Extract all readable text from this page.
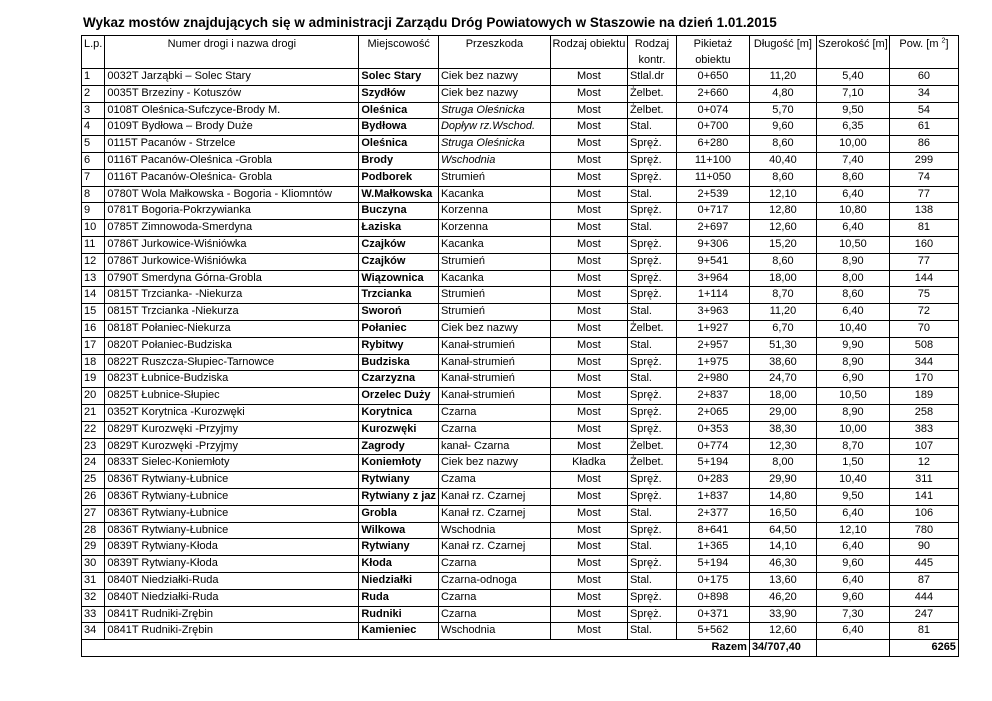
Wykaz mostów znajdujących się w administracji Zarządu Dróg Powiatowych w Staszowie na dzień 1.01.2015
L.p.	Numer drogi i nazwa drogi	Miejscowość	Przeszkoda	Rodzaj obiektu	Rodzaj	Pikietaż	Długość [m]	Szerokość [m]	Pow. [m $^2$]
					kontr.	obiektu			
1	0032T Jarząbki – Solec Stary	Solec Stary	Ciek bez nazwy	Most	Stlal.dr	0+650	11,20	5,40	60
2	0035T Brzeziny - Kotuszów	Szydłów	Ciek bez nazwy	Most	Żelbet.	2+660	4,80	7,10	34
3	0108T Oleśnica-Sufczyce-Brody M.	Oleśnica	Struga Oleśnicka	Most	Żelbet.	0+074	5,70	9,50	54
4	0109T Bydłowa – Brody Duże	Bydłowa	Dopływ rz.Wschod.	Most	Stal.	0+700	9,60	6,35	61
5	0115T Pacanów - Strzelce	Oleśnica	Struga Oleśnicka	Most	Spręż.	6+280	8,60	10,00	86
6	0116T Pacanów-Oleśnica -Grobla	Brody	Wschodnia	Most	Spręż.	11+100	40,40	7,40	299
7	0116T Pacanów-Oleśnica- Grobla	Podborek	Strumień	Most	Spręż.	11+050	8,60	8,60	74
8	0780T Wola Małkowska - Bogoria - Kliomntów	W.Małkowska	Kacanka	Most	Stal.	2+539	12,10	6,40	77
9	0781T Bogoria-Pokrzywianka	Buczyna	Korzenna	Most	Spręż.	0+717	12,80	10,80	138
10	0785T Zimnowoda-Smerdyna	Łaziska	Korzenna	Most	Stal.	2+697	12,60	6,40	81
11	0786T Jurkowice-Wiśniówka	Czajków	Kacanka	Most	Spręż.	9+306	15,20	10,50	160
12	0786T Jurkowice-Wiśniówka	Czajków	Strumień	Most	Spręż.	9+541	8,60	8,90	77
13	0790T Smerdyna Górna-Grobla	Wiązownica	Kacanka	Most	Spręż.	3+964	18,00	8,00	144
14	0815T Trzcianka- -Niekurza	Trzcianka	Strumień	Most	Spręż.	1+114	8,70	8,60	75
15	0815T Trzcianka -Niekurza	Sworoń	Strumień	Most	Stal.	3+963	11,20	6,40	72
16	0818T Połaniec-Niekurza	Połaniec	Ciek bez nazwy	Most	Żelbet.	1+927	6,70	10,40	70
17	0820T Połaniec-Budziska	Rybitwy	Kanał-strumień	Most	Stal.	2+957	51,30	9,90	508
18	0822T Ruszcza-Słupiec-Tarnowce	Budziska	Kanał-strumień	Most	Spręż.	1+975	38,60	8,90	344
19	0823T Łubnice-Budziska	Czarzyzna	Kanał-strumień	Most	Stal.	2+980	24,70	6,90	170
20	0825T Łubnice-Słupiec	Orzelec Duży	Kanał-strumień	Most	Spręż.	2+837	18,00	10,50	189
21	0352T Korytnica -Kurozwęki	Korytnica	Czarna	Most	Spręż.	2+065	29,00	8,90	258
22	0829T Kurozwęki -Przyjmy	Kurozwęki	Czarna	Most	Spręż.	0+353	38,30	10,00	383
23	0829T Kurozwęki -Przyjmy	Zagrody	kanał- Czarna	Most	Żelbet.	0+774	12,30	8,70	107
24	0833T Sielec-Koniemłoty	Koniemłoty	Ciek bez nazwy	Kładka	Żelbet.	5+194	8,00	1,50	12
25	0836T Rytwiany-Łubnice	Rytwiany	Czama	Most	Spręż.	0+283	29,90	10,40	311
26	0836T Rytwiany-Łubnice	Rytwiany z jaz	Kanał rz. Czarnej	Most	Spręż.	1+837	14,80	9,50	141
27	0836T Rytwiany-Łubnice	Grobla	Kanał rz. Czarnej	Most	Stal.	2+377	16,50	6,40	106
28	0836T Rytwiany-Łubnice	Wilkowa	Wschodnia	Most	Spręż.	8+641	64,50	12,10	780
29	0839T Rytwiany-Kłoda	Rytwiany	Kanał rz. Czarnej	Most	Stal.	1+365	14,10	6,40	90
30	0839T Rytwiany-Kłoda	Kłoda	Czarna	Most	Spręż.	5+194	46,30	9,60	445
31	0840T Niedziałki-Ruda	Niedziałki	Czarna-odnoga	Most	Stal.	0+175	13,60	6,40	87
32	0840T Niedziałki-Ruda	Ruda	Czarna	Most	Spręż.	0+898	46,20	9,60	444
33	0841T Rudniki-Zrębin	Rudniki	Czarna	Most	Spręż.	0+371	33,90	7,30	247
34	0841T Rudniki-Zrębin	Kamieniec	Wschodnia	Most	Stal.	5+562	12,60	6,40	81
						Razem	34/707,40		6265
